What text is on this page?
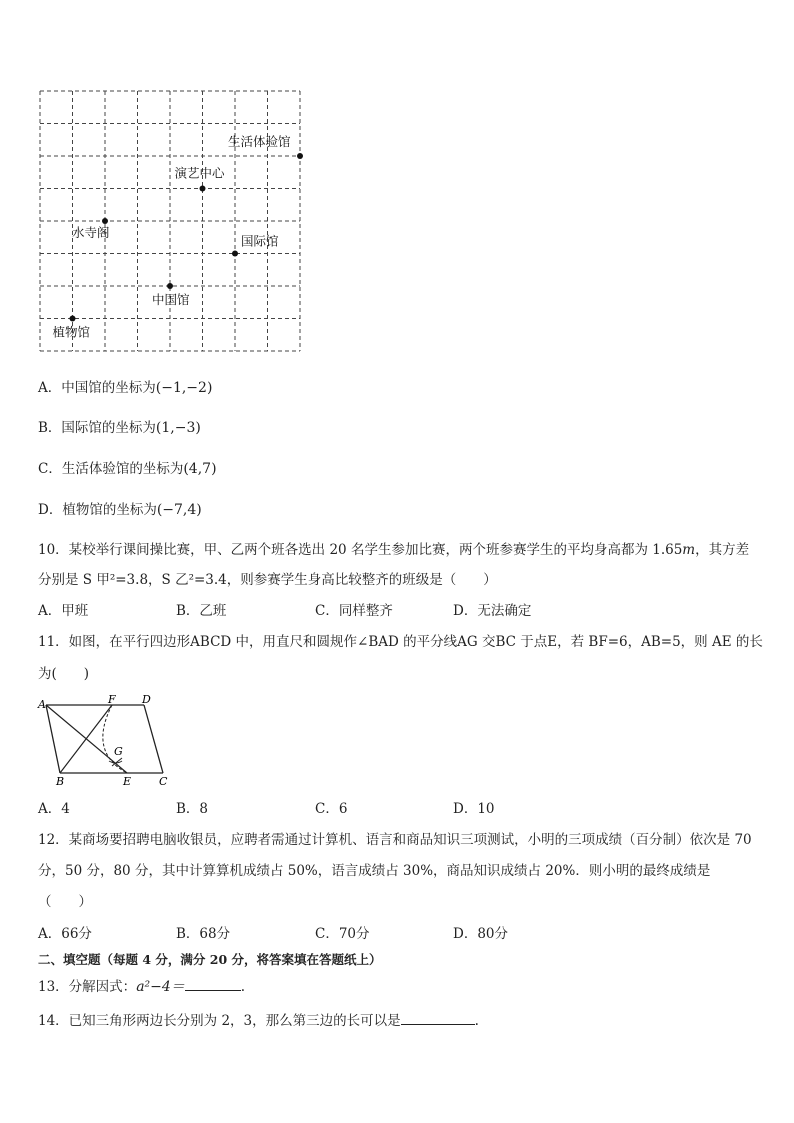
生活体验馆
演艺中心
水寺阁
国际馆
中国馆
植物馆
A．中国馆的坐标为(−1,−2)
B．国际馆的坐标为(1,−3)
C．生活体验馆的坐标为(4,7)
D．植物馆的坐标为(−7,4)
10．某校举行课间操比赛，甲、乙两个班各选出 20 名学生参加比赛，两个班参赛学生的平均身高都为 1.65m，其方差
分别是 S 甲²=3.8，S 乙²=3.4，则参赛学生身高比较整齐的班级是（　　）
A．甲班	B．乙班	C．同样整齐	D．无法确定
11．如图，在平行四边形ABCD 中，用直尺和圆规作∠BAD 的平分线AG 交BC 于点E，若 BF=6，AB=5，则 AE 的长
为(　　)
A	F D
G
B	E	C
A．4	B．8	C．6	D．10
12．某商场要招聘电脑收银员，应聘者需通过计算机、语言和商品知识三项测试，小明的三项成绩（百分制）依次是 70
分，50 分，80 分，其中计算算机成绩占 50%，语言成绩占 30%，商品知识成绩占 20%．则小明的最终成绩是
（　　）
A．66分	B．68分	C．70分	D．80分
二、填空题（每题 4 分，满分 20 分，将答案填在答题纸上）
13．分解因式：a²−4＝	.
14．已知三角形两边长分别为 2，3，那么第三边的长可以是	.
